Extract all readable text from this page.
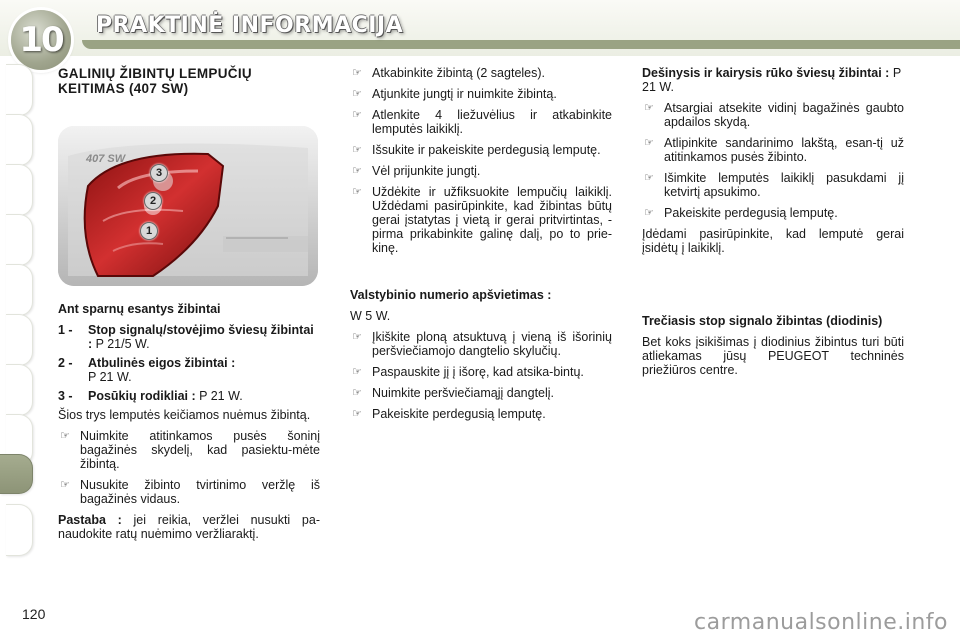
10 PRAKTINĖ INFORMACIJA
GALINIŲ ŽIBINTŲ LEMPUČIŲ KEITIMAS (407 SW)
3
2
1
407 SW

Ant sparnų esantys žibintai

1 - Stop signalų/stovėjimo šviesų žibintai : P 21/5 W.
2 - Atbulinės eigos žibintai :
P 21 W.
3 - Posūkių rodikliai : P 21 W.

Šios trys lemputės keičiamos nuėmus žibintą.

☞ Nuimkite atitinkamos pusės šoninį bagažinės skydelį, kad pasiektu-mėte žibintą.
☞ Nusukite žibinto tvirtinimo veržlę iš bagažinės vidaus.

Pastaba : jei reikia, veržlei nusukti pa-naudokite ratų nuėmimo veržliaraktį.

☞ Atkabinkite žibintą (2 sagteles).
☞ Atjunkite jungtį ir nuimkite žibintą.
☞ Atlenkite 4 liežuvėlius ir atkabinkite lemputės laikiklį.
☞ Išsukite ir pakeiskite perdegusią lemputę.
☞ Vėl prijunkite jungtį.
☞ Uždėkite ir užfiksuokite lempučių laikiklį. Uždėdami pasirūpinkite, kad žibintas būtų gerai įstatytas į vietą ir gerai pritvirtintas, - pirma prikabinkite galinę dalį, po to prie-kinę.

Valstybinio numerio apšvietimas :

W 5 W.

☞ Įkiškite ploną atsuktuvą į vieną iš išorinių peršviečiamojo dangtelio skylučių.
☞ Paspauskite jį į išorę, kad atsika-bintų.
☞ Nuimkite peršviečiamąjį dangtelį.
☞ Pakeiskite perdegusią lemputę.

Dešinysis ir kairysis rūko šviesų žibintai : P 21 W.

☞ Atsargiai atsekite vidinį bagažinės gaubto apdailos skydą.
☞ Atlipinkite sandarinimo lakštą, esan-tį už atitinkamos pusės žibinto.
☞ Išimkite lemputės laikiklį pasukdami jį ketvirtį apsukimo.
☞ Pakeiskite perdegusią lemputę.

Įdėdami pasirūpinkite, kad lemputė gerai įsidėtų į laikiklį.

Trečiasis stop signalo žibintas (diodinis)

Bet koks įsikišimas į diodinius žibintus turi būti atliekamas jūsų PEUGEOT techninės priežiūros centre.

120	carmanualsonline.info
